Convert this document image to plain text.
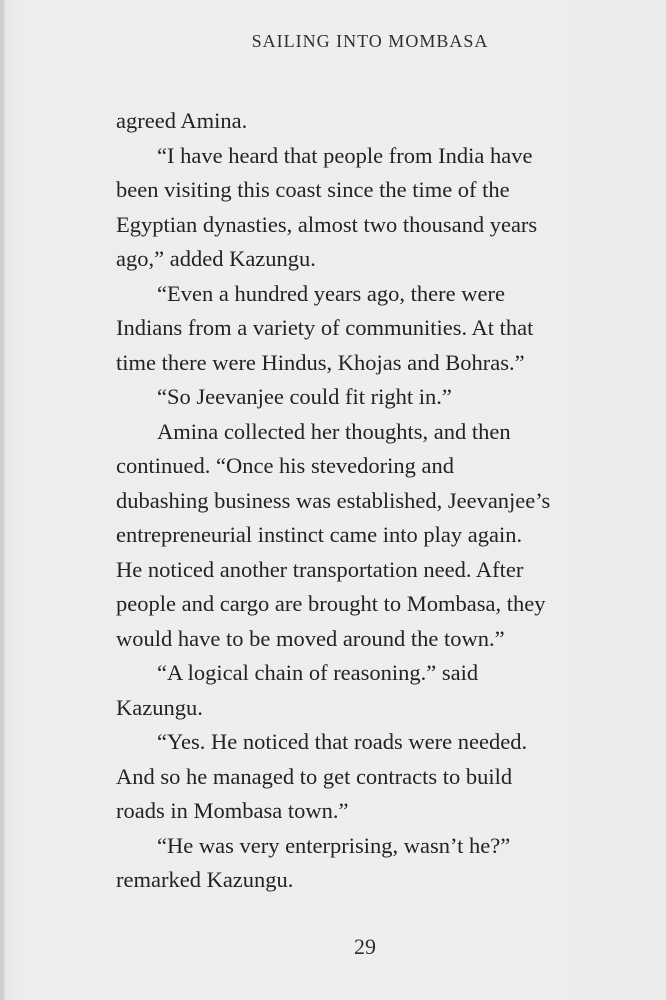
SAILING INTO MOMBASA

agreed Amina.

“I have heard that people from India have

been visiting this coast since the time of the

Egyptian dynasties, almost two thousand years

ago,” added Kazungu.

“Even a hundred years ago, there were

Indians from a variety of communities. At that

time there were Hindus, Khojas and Bohras.”

“So Jeevanjee could fit right in.”

Amina collected her thoughts, and then

continued. “Once his stevedoring and

dubashing business was established, Jeevanjee’s

entrepreneurial instinct came into play again.

He noticed another transportation need. After

people and cargo are brought to Mombasa, they

would have to be moved around the town.”

“A logical chain of reasoning.” said

Kazungu.

“Yes. He noticed that roads were needed.

And so he managed to get contracts to build

roads in Mombasa town.”

“He was very enterprising, wasn’t he?”

remarked Kazungu.

29
